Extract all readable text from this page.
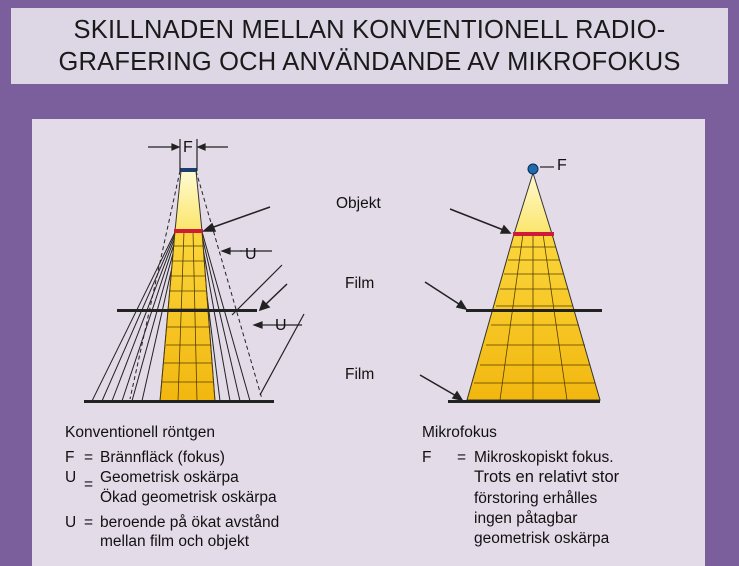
SKILLNADEN MELLAN KONVENTIONELL RADIO-
GRAFERING OCH ANVÄNDANDE AV MIKROFOKUS
F
F
U
U
Objekt
Film
Film
Konventionell röntgen
F = Brännfläck (fokus)
U = Geometrisk oskärpa
Ökad geometrisk oskärpa
U = beroende på ökat avstånd
mellan film och objekt
Mikrofokus
F = Mikroskopiskt fokus.
Trots en relativt stor
förstoring erhålles
ingen påtagbar
geometrisk oskärpa
